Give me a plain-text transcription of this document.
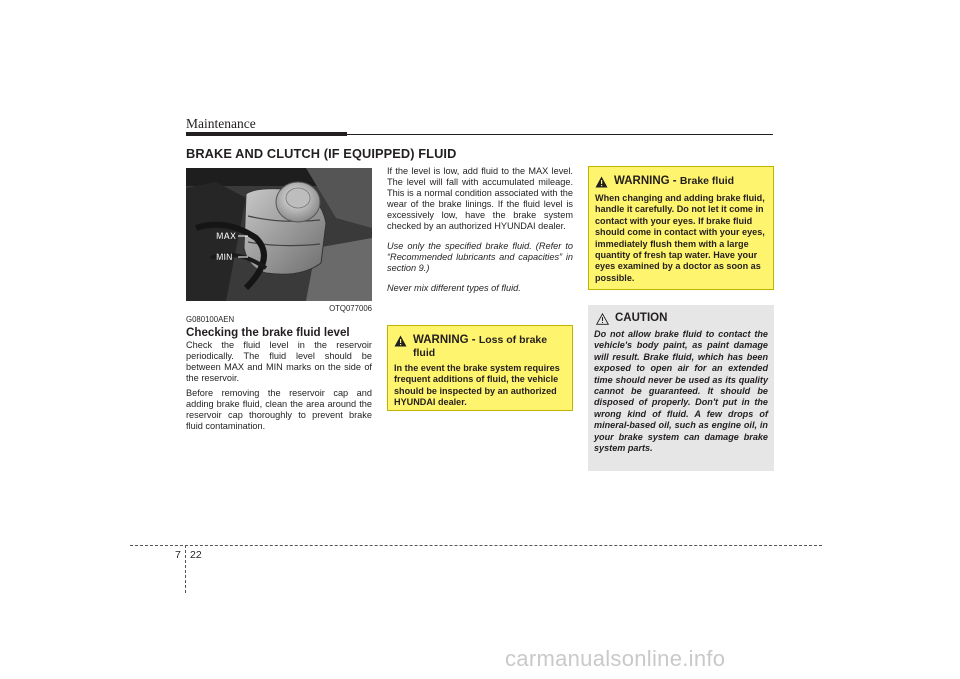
Maintenance
BRAKE AND CLUTCH (IF EQUIPPED) FLUID
MAX
MIN
OTQ077006
G080100AEN
Checking the brake fluid level

Check the fluid level in the reservoir periodically. The fluid level should be between MAX and MIN marks on the side of the reservoir.

Before removing the reservoir cap and adding brake fluid, clean the area around the reservoir cap thoroughly to prevent brake fluid contamination.

If the level is low, add fluid to the MAX level. The level will fall with accumulated mileage. This is a normal condition associated with the wear of the brake linings. If the fluid level is excessively low, have the brake system checked by an authorized HYUNDAI dealer.

Use only the specified brake fluid. (Refer to “Recommended lubricants and capacities” in section 9.)

Never mix different types of fluid.

WARNING - Loss of brake fluid
In the event the brake system requires frequent additions of fluid, the vehicle should be inspected by an authorized HYUNDAI dealer.
WARNING - Brake fluid
When changing and adding brake fluid, handle it carefully. Do not let it come in contact with your eyes. If brake fluid should come in contact with your eyes, immediately flush them with a large quantity of fresh tap water. Have your eyes examined by a doctor as soon as possible.
CAUTION
Do not allow brake fluid to contact the vehicle's body paint, as paint damage will result. Brake fluid, which has been exposed to open air for an extended time should never be used as its quality cannot be guaranteed. It should be disposed of properly. Don't put in the wrong kind of fluid. A few drops of mineral-based oil, such as engine oil, in your brake system can damage brake system parts.
7 22
carmanualsonline.info
